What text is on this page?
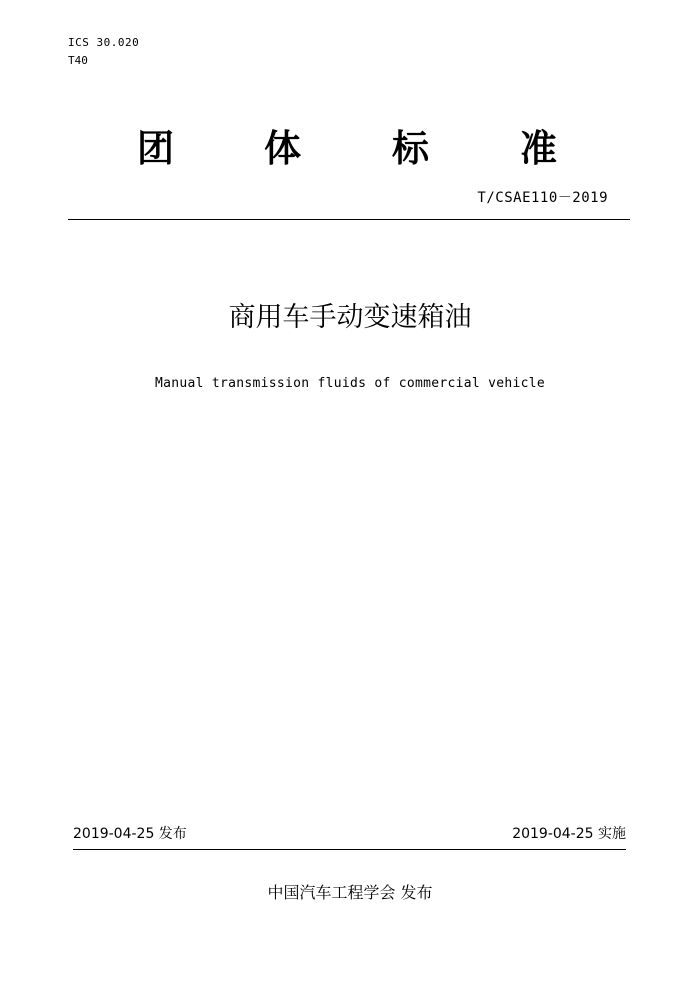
ICS 30.020
T40
团 体 标 准
T/CSAE110－2019
商用车手动变速箱油
Manual transmission fluids of commercial vehicle
2019-04-25 发布	2019-04-25 实施
中国汽车工程学会 发布
